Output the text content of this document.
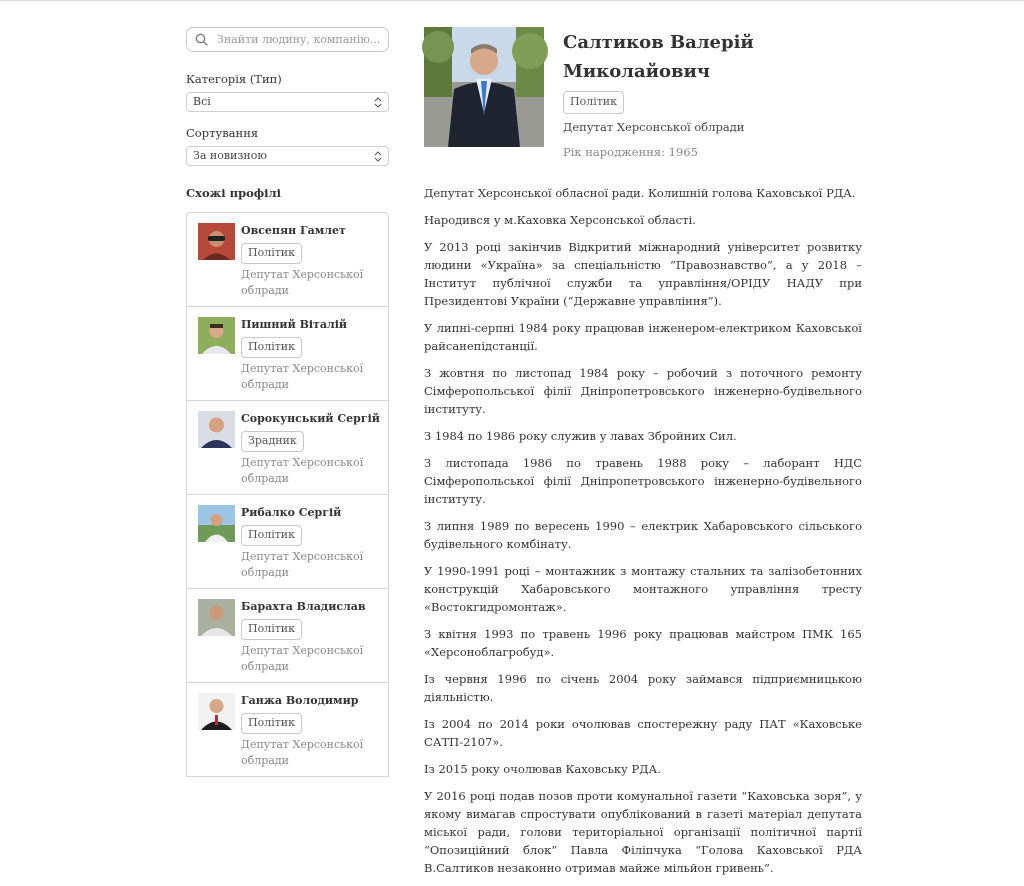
Знайти людину, компанію...
Категорія (Тип)
Всі
Сортування
За новизною
Схожі профілі
Овсепян Гамлет
Політик
Депутат Херсонської облради
Пишний Віталій
Політик
Депутат Херсонської облради
Сорокунський Сергій
Зрадник
Депутат Херсонської облради
Рибалко Сергій
Політик
Депутат Херсонської облради
Барахта Владислав
Політик
Депутат Херсонської облради
Ганжа Володимир
Політик
Депутат Херсонської облради
Салтиков Валерій Миколайович
Політик
Депутат Херсонської облради
Рік народження: 1965

Депутат Херсонської обласної ради. Колишній голова Каховської РДА.

Народився у м.Каховка Херсонської області.

У 2013 році закінчив Відкритий міжнародний університет розвитку людини «Україна» за спеціальністю “Правознавство”, а у 2018 – Інститут публічної служби та управління/ОРІДУ НАДУ при Президентові України (“Державне управління”).

У липні-серпні 1984 року працював інженером-електриком Каховської райсанепідстанції.

З жовтня по листопад 1984 року – робочий з поточного ремонту Сімферопольської філії Дніпропетровського інженерно-будівельного інституту.

З 1984 по 1986 року служив у лавах Збройних Сил.

З листопада 1986 по травень 1988 року – лаборант НДС Сімферопольської філії Дніпропетровського інженерно-будівельного інституту.

З липня 1989 по вересень 1990 – електрик Хабаровського сільського будівельного комбінату.

У 1990-1991 році – монтажник з монтажу стальних та залізобетонних конструкцій Хабаровського монтажного управління тресту «Востокгидромонтаж».

З квітня 1993 по травень 1996 року працював майстром ПМК 165 «Херсоноблагробуд».

Із червня 1996 по січень 2004 року займався підприємницькою діяльністю.

Із 2004 по 2014 роки очолював спостережну раду ПАТ «Каховське САТП-2107».

Із 2015 року очолював Каховську РДА.

У 2016 році подав позов проти комунальної газети “Каховська зоря”, у якому вимагав спростувати опублікований в газеті матеріал депутата міської ради, голови територіальної організації політичної партії “Опозиційний блок” Павла Філіпчука “Голова Каховської РДА В.Салтиков незаконно отримав майже мільйон гривень”.
